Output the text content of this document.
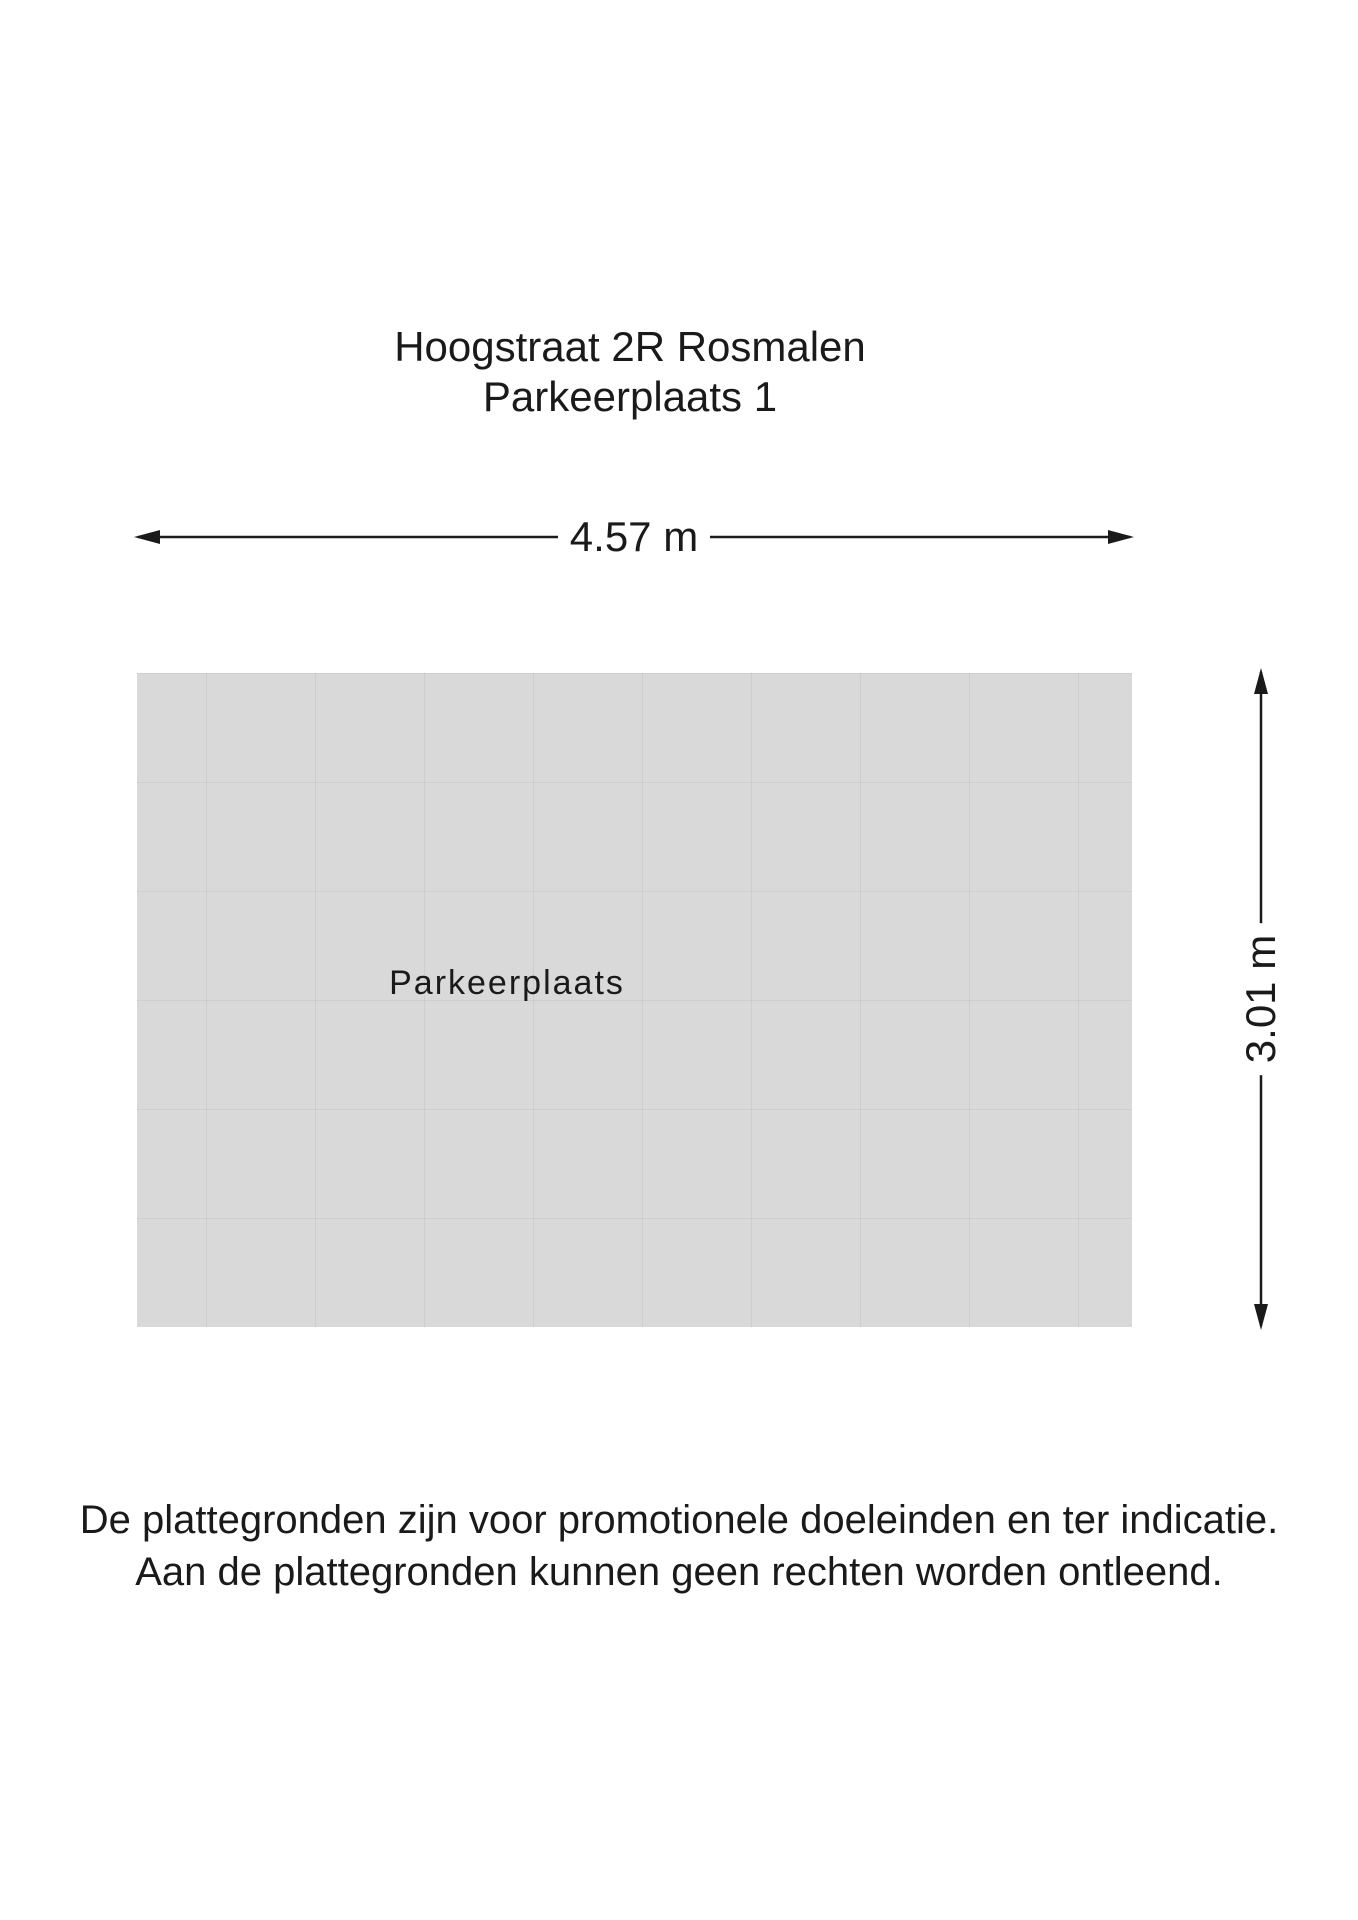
Hoogstraat 2R Rosmalen
Parkeerplaats 1
4.57 m
Parkeerplaats	3.01 m
De plattegronden zijn voor promotionele doeleinden en ter indicatie.
Aan de plattegronden kunnen geen rechten worden ontleend.
